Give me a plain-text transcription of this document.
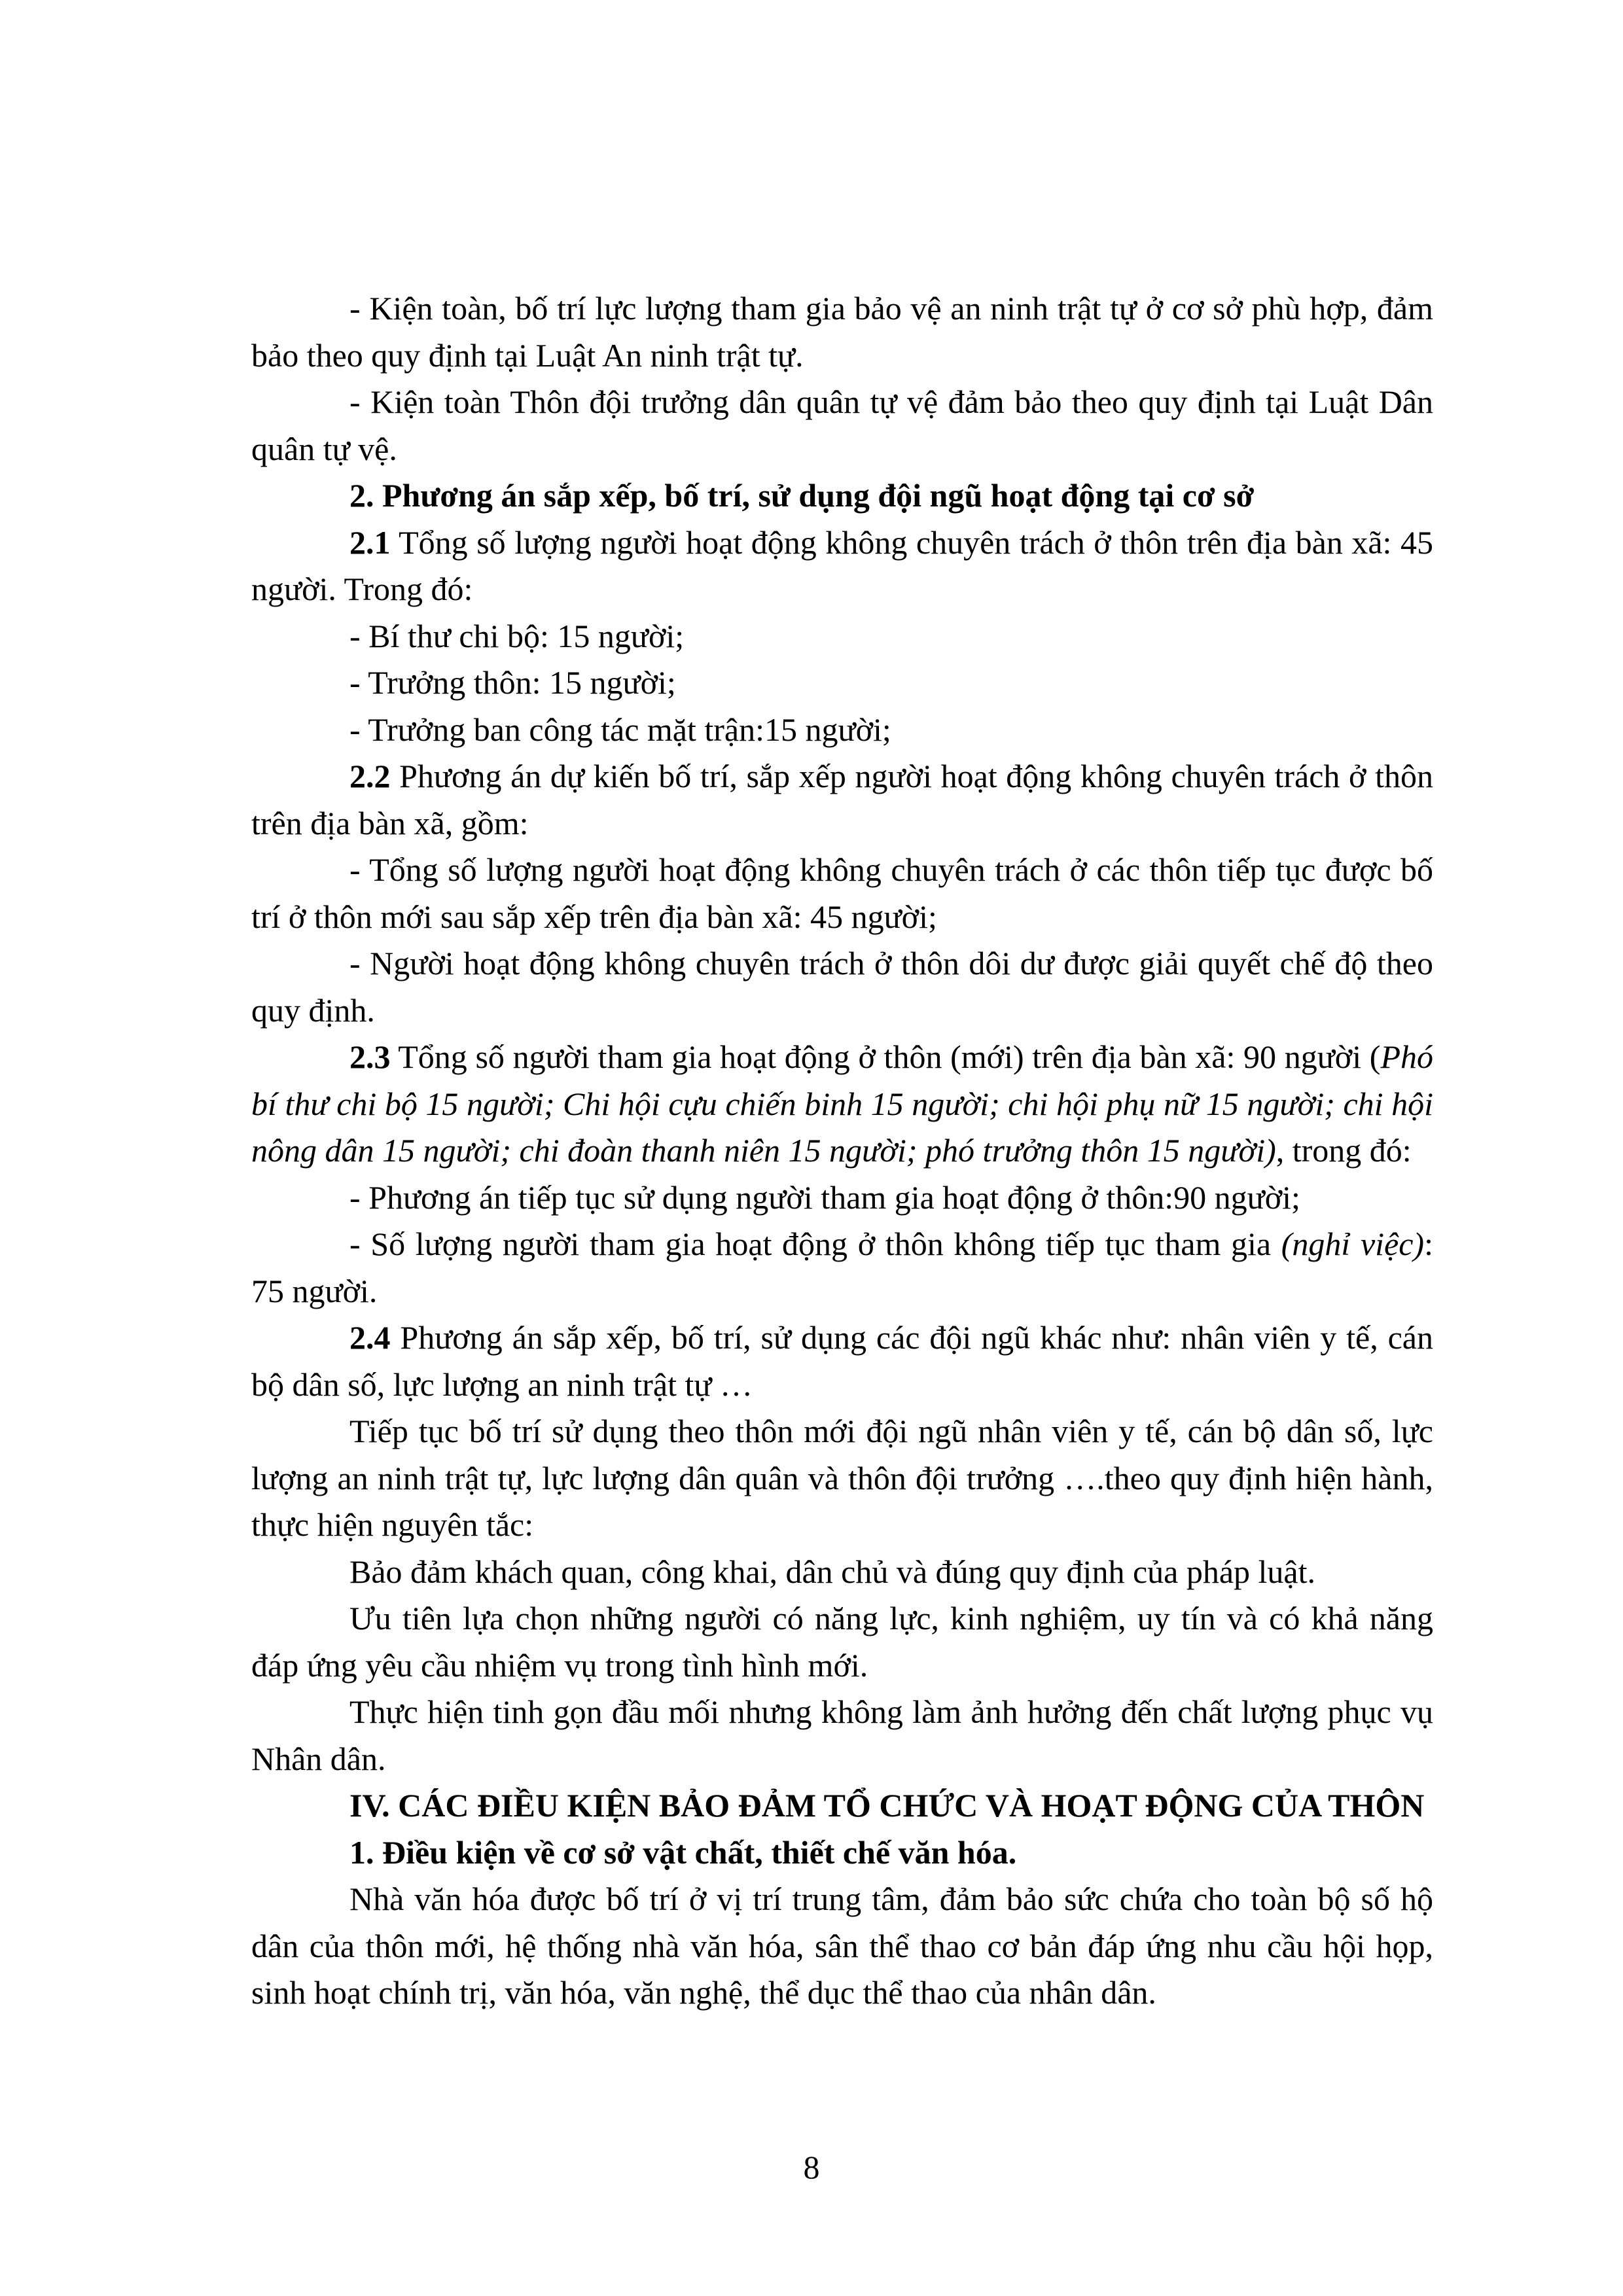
- Kiện toàn, bố trí lực lượng tham gia bảo vệ an ninh trật tự ở cơ sở phù hợp, đảm bảo theo quy định tại Luật An ninh trật tự.

- Kiện toàn Thôn đội trưởng dân quân tự vệ đảm bảo theo quy định tại Luật Dân quân tự vệ.

2. Phương án sắp xếp, bố trí, sử dụng đội ngũ hoạt động tại cơ sở

2.1 Tổng số lượng người hoạt động không chuyên trách ở thôn trên địa bàn xã: 45 người. Trong đó:

- Bí thư chi bộ: 15 người;

- Trưởng thôn: 15 người;

- Trưởng ban công tác mặt trận:15 người;

2.2 Phương án dự kiến bố trí, sắp xếp người hoạt động không chuyên trách ở thôn trên địa bàn xã, gồm:

- Tổng số lượng người hoạt động không chuyên trách ở các thôn tiếp tục được bố trí ở thôn mới sau sắp xếp trên địa bàn xã: 45 người;

- Người hoạt động không chuyên trách ở thôn dôi dư được giải quyết chế độ theo quy định.

2.3 Tổng số người tham gia hoạt động ở thôn (mới) trên địa bàn xã: 90 người (Phó bí thư chi bộ 15 người; Chi hội cựu chiến binh 15 người; chi hội phụ nữ 15 người; chi hội nông dân 15 người; chi đoàn thanh niên 15 người; phó trưởng thôn 15 người), trong đó:

- Phương án tiếp tục sử dụng người tham gia hoạt động ở thôn:90 người;

- Số lượng người tham gia hoạt động ở thôn không tiếp tục tham gia (nghỉ việc): 75 người.

2.4 Phương án sắp xếp, bố trí, sử dụng các đội ngũ khác như: nhân viên y tế, cán bộ dân số, lực lượng an ninh trật tự …

Tiếp tục bố trí sử dụng theo thôn mới đội ngũ nhân viên y tế, cán bộ dân số, lực lượng an ninh trật tự, lực lượng dân quân và thôn đội trưởng ….theo quy định hiện hành, thực hiện nguyên tắc:

Bảo đảm khách quan, công khai, dân chủ và đúng quy định của pháp luật.

Ưu tiên lựa chọn những người có năng lực, kinh nghiệm, uy tín và có khả năng đáp ứng yêu cầu nhiệm vụ trong tình hình mới.

Thực hiện tinh gọn đầu mối nhưng không làm ảnh hưởng đến chất lượng phục vụ Nhân dân.

IV. CÁC ĐIỀU KIỆN BẢO ĐẢM TỔ CHỨC VÀ HOẠT ĐỘNG CỦA THÔN

1. Điều kiện về cơ sở vật chất, thiết chế văn hóa.

Nhà văn hóa được bố trí ở vị trí trung tâm, đảm bảo sức chứa cho toàn bộ số hộ dân của thôn mới, hệ thống nhà văn hóa, sân thể thao cơ bản đáp ứng nhu cầu hội họp, sinh hoạt chính trị, văn hóa, văn nghệ, thể dục thể thao của nhân dân.

8
